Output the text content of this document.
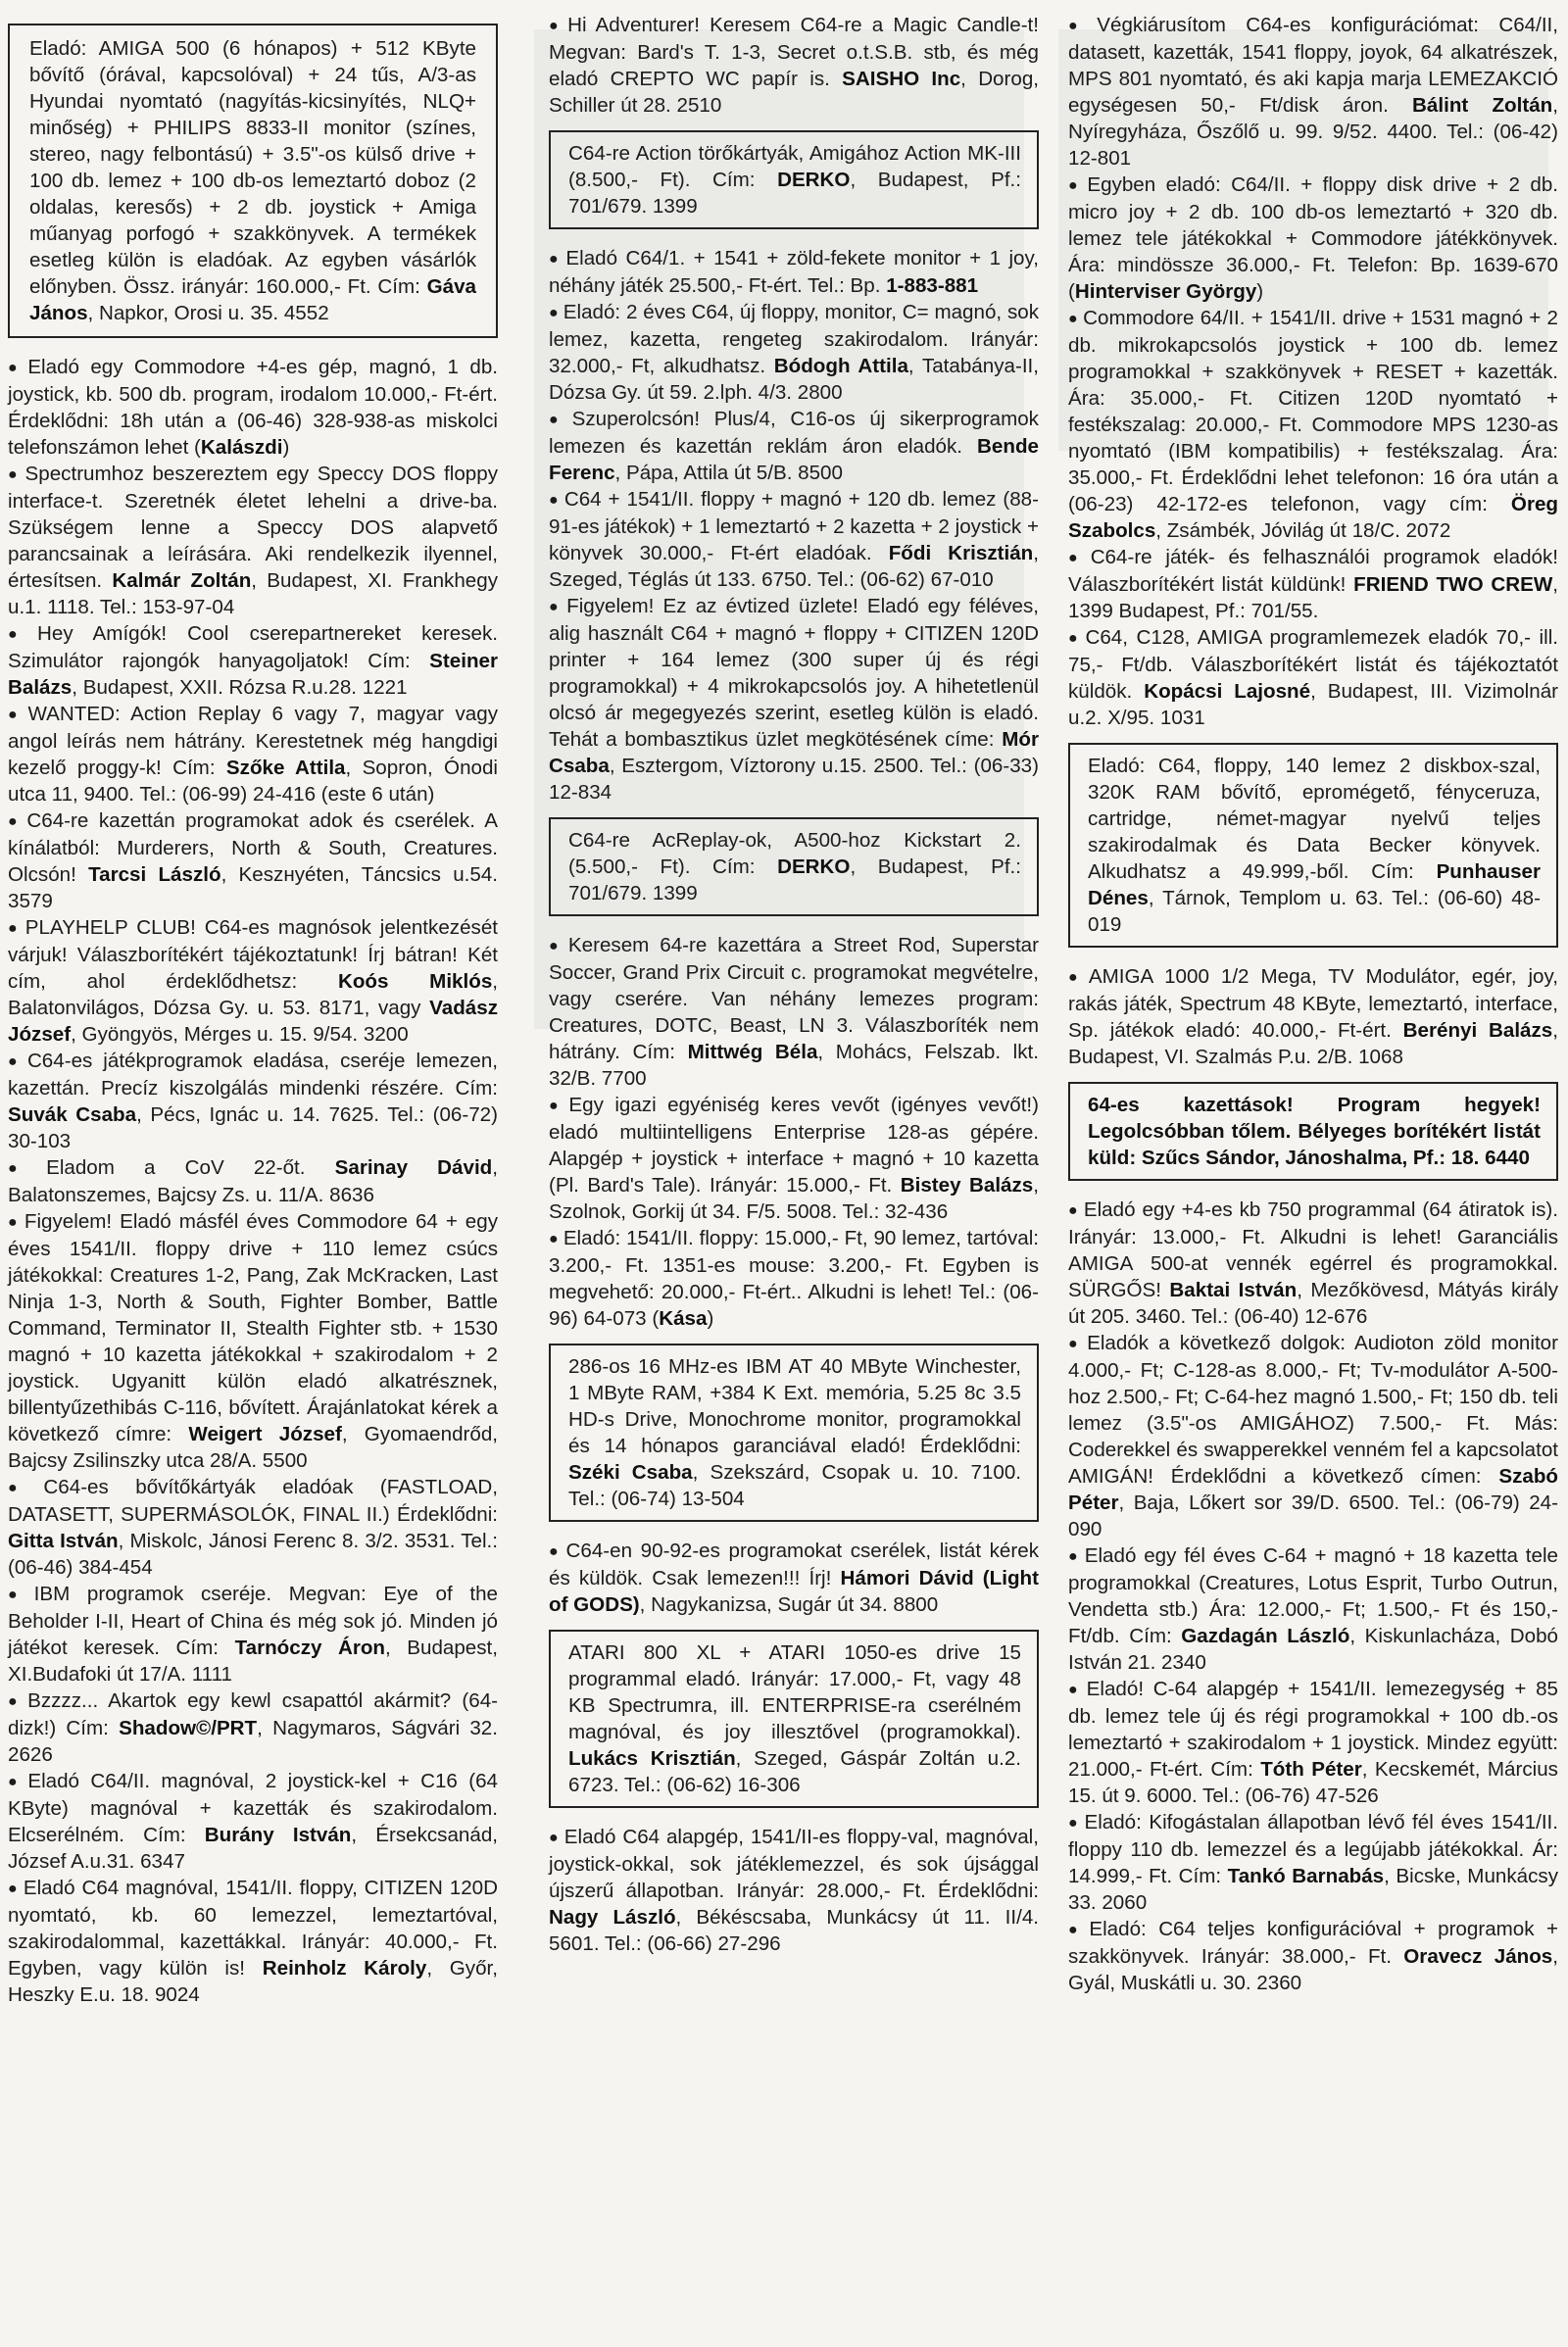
Eladó: AMIGA 500 (6 hónapos) + 512 KByte bővítő (órával, kapcsolóval) + 24 tűs, A/3-as Hyundai nyomtató (nagyítás-kicsinyítés, NLQ+ minőség) + PHILIPS 8833-II monitor (színes, stereo, nagy felbontású) + 3.5"-os külső drive + 100 db. lemez + 100 db-os lemeztartó doboz (2 oldalas, keresős) + 2 db. joystick + Amiga műanyag porfogó + szakkönyvek. A termékek esetleg külön is eladóak. Az egyben vásárlók előnyben. Össz. irányár: 160.000,- Ft. Cím: Gáva János, Napkor, Orosi u. 35. 4552

● Eladó egy Commodore +4-es gép, magnó, 1 db. joystick, kb. 500 db. program, irodalom 10.000,- Ft-ért. Érdeklődni: 18h után a (06-46) 328-938-as miskolci telefonszámon lehet (Kalászdi)

● Spectrumhoz beszereztem egy Speccy DOS floppy interface-t. Szeretnék életet lehelni a drive-ba. Szükségem lenne a Speccy DOS alapvető parancsainak a leírására. Aki rendelkezik ilyennel, értesítsen. Kalmár Zoltán, Budapest, XI. Frankhegy u.1. 1118. Tel.: 153-97-04

● Hey Amígók! Cool cserepartnereket keresek. Szimulátor rajongók hanyagoljatok! Cím: Steiner Balázs, Budapest, XXII. Rózsa R.u.28. 1221

● WANTED: Action Replay 6 vagy 7, magyar vagy angol leírás nem hátrány. Kerestetnek még hangdigi kezelő proggy-k! Cím: Szőke Attila, Sopron, Ónodi utca 11, 9400. Tel.: (06-99) 24-416 (este 6 után)

● C64-re kazettán programokat adok és cserélek. A kínálatból: Murderers, North & South, Creatures. Olcsón! Tarcsi László, Keszнyéten, Táncsics u.54. 3579

● PLAYHELP CLUB! C64-es magnósok jelentkezését várjuk! Válaszborítékért tájékoztatunk! Írj bátran! Két cím, ahol érdeklődhetsz: Koós Miklós, Balatonvilágos, Dózsa Gy. u. 53. 8171, vagy Vadász József, Gyöngyös, Mérges u. 15. 9/54. 3200

● C64-es játékprogramok eladása, cseréje lemezen, kazettán. Precíz kiszolgálás mindenki részére. Cím: Suvák Csaba, Pécs, Ignác u. 14. 7625. Tel.: (06-72) 30-103

● Eladom a CoV 22-őt. Sarinay Dávid, Balatonszemes, Bajcsy Zs. u. 11/A. 8636

● Figyelem! Eladó másfél éves Commodore 64 + egy éves 1541/II. floppy drive + 110 lemez csúcs játékokkal: Creatures 1-2, Pang, Zak McKracken, Last Ninja 1-3, North & South, Fighter Bomber, Battle Command, Terminator II, Stealth Fighter stb. + 1530 magnó + 10 kazetta játékokkal + szakirodalom + 2 joystick. Ugyanitt külön eladó alkatrésznek, billentyűzethibás C-116, bővített. Árajánlatokat kérek a következő címre: Weigert József, Gyomaendrőd, Bajcsy Zsilinszky utca 28/A. 5500

● C64-es bővítőkártyák eladóak (FASTLOAD, DATASETT, SUPERMÁSOLÓK, FINAL II.) Érdeklődni: Gitta István, Miskolc, Jánosi Ferenc 8. 3/2. 3531. Tel.: (06-46) 384-454

● IBM programok cseréje. Megvan: Eye of the Beholder I-II, Heart of China és még sok jó. Minden jó játékot keresek. Cím: Tarnóczy Áron, Budapest, XI.Budafoki út 17/A. 1111

● Bzzzz... Akartok egy kewl csapattól akármit? (64-dizk!) Cím: Shadow©/PRT, Nagymaros, Ságvári 32. 2626

● Eladó C64/II. magnóval, 2 joystick-kel + C16 (64 KByte) magnóval + kazetták és szakirodalom. Elcserélném. Cím: Burány István, Érsekcsanád, József A.u.31. 6347

● Eladó C64 magnóval, 1541/II. floppy, CITIZEN 120D nyomtató, kb. 60 lemezzel, lemeztartóval, szakirodalommal, kazettákkal. Irányár: 40.000,- Ft. Egyben, vagy külön is! Reinholz Károly, Győr, Heszky E.u. 18. 9024

● Hi Adventurer! Keresem C64-re a Magic Candle-t! Megvan: Bard's T. 1-3, Secret o.t.S.B. stb, és még eladó CREPTO WC papír is. SAISHO Inc, Dorog, Schiller út 28. 2510

C64-re Action törőkártyák, Amigához Action MK-III (8.500,- Ft). Cím: DERKO, Budapest, Pf.: 701/679. 1399

● Eladó C64/1. + 1541 + zöld-fekete monitor + 1 joy, néhány játék 25.500,- Ft-ért. Tel.: Bp. 1-883-881

● Eladó: 2 éves C64, új floppy, monitor, C= magnó, sok lemez, kazetta, rengeteg szakirodalom. Irányár: 32.000,- Ft, alkudhatsz. Bódogh Attila, Tatabánya-II, Dózsa Gy. út 59. 2.lph. 4/3. 2800

● Szuperolcsón! Plus/4, C16-os új sikerprogramok lemezen és kazettán reklám áron eladók. Bende Ferenc, Pápa, Attila út 5/B. 8500

● C64 + 1541/II. floppy + magnó + 120 db. lemez (88-91-es játékok) + 1 lemeztartó + 2 kazetta + 2 joystick + könyvek 30.000,- Ft-ért eladóak. Fődi Krisztián, Szeged, Téglás út 133. 6750. Tel.: (06-62) 67-010

● Figyelem! Ez az évtized üzlete! Eladó egy féléves, alig használt C64 + magnó + floppy + CITIZEN 120D printer + 164 lemez (300 super új és régi programokkal) + 4 mikrokapcsolós joy. A hihetetlenül olcsó ár megegyezés szerint, esetleg külön is eladó. Tehát a bombasztikus üzlet megkötésének címe: Mór Csaba, Esztergom, Víztorony u.15. 2500. Tel.: (06-33) 12-834

C64-re AcReplay-ok, A500-hoz Kickstart 2. (5.500,- Ft). Cím: DERKO, Budapest, Pf.: 701/679. 1399

● Keresem 64-re kazettára a Street Rod, Superstar Soccer, Grand Prix Circuit c. programokat megvételre, vagy cserére. Van néhány lemezes program: Creatures, DOTC, Beast, LN 3. Válaszboríték nem hátrány. Cím: Mittwég Béla, Mohács, Felszab. lkt. 32/B. 7700

● Egy igazi egyéniség keres vevőt (igényes vevőt!) eladó multiintelligens Enterprise 128-as gépére. Alapgép + joystick + interface + magnó + 10 kazetta (Pl. Bard's Tale). Irányár: 15.000,- Ft. Bistey Balázs, Szolnok, Gorkij út 34. F/5. 5008. Tel.: 32-436

● Eladó: 1541/II. floppy: 15.000,- Ft, 90 lemez, tartóval: 3.200,- Ft. 1351-es mouse: 3.200,- Ft. Egyben is megvehető: 20.000,- Ft-ért.. Alkudni is lehet! Tel.: (06-96) 64-073 (Kása)

286-os 16 MHz-es IBM AT 40 MByte Winchester, 1 MByte RAM, +384 K Ext. memória, 5.25 8c 3.5 HD-s Drive, Monochrome monitor, programokkal és 14 hónapos garanciával eladó! Érdeklődni: Széki Csaba, Szekszárd, Csopak u. 10. 7100. Tel.: (06-74) 13-504

● C64-en 90-92-es programokat cserélek, listát kérek és küldök. Csak lemezen!!! Írj! Hámori Dávid (Light of GODS), Nagykanizsa, Sugár út 34. 8800

ATARI 800 XL + ATARI 1050-es drive 15 programmal eladó. Irányár: 17.000,- Ft, vagy 48 KB Spectrumra, ill. ENTERPRISE-ra cserélném magnóval, és joy illesztővel (programokkal). Lukács Krisztián, Szeged, Gáspár Zoltán u.2. 6723. Tel.: (06-62) 16-306

● Eladó C64 alapgép, 1541/II-es floppy-val, magnóval, joystick-okkal, sok játéklemezzel, és sok újsággal újszerű állapotban. Irányár: 28.000,- Ft. Érdeklődni: Nagy László, Békéscsaba, Munkácsy út 11. II/4. 5601. Tel.: (06-66) 27-296

● Végkiárusítom C64-es konfigurációmat: C64/II, datasett, kazetták, 1541 floppy, joyok, 64 alkatrészek, MPS 801 nyomtató, és aki kapja marja LEMEZAKCIÓ egységesen 50,- Ft/disk áron. Bálint Zoltán, Nyíregyháza, Őszőlő u. 99. 9/52. 4400. Tel.: (06-42) 12-801

● Egyben eladó: C64/II. + floppy disk drive + 2 db. micro joy + 2 db. 100 db-os lemeztartó + 320 db. lemez tele játékokkal + Commodore játékkönyvek. Ára: mindössze 36.000,- Ft. Telefon: Bp. 1639-670 (Hinterviser György)

● Commodore 64/II. + 1541/II. drive + 1531 magnó + 2 db. mikrokapcsolós joystick + 100 db. lemez programokkal + szakkönyvek + RESET + kazetták. Ára: 35.000,- Ft. Citizen 120D nyomtató + festékszalag: 20.000,- Ft. Commodore MPS 1230-as nyomtató (IBM kompatibilis) + festékszalag. Ára: 35.000,- Ft. Érdeklődni lehet telefonon: 16 óra után a (06-23) 42-172-es telefonon, vagy cím: Öreg Szabolcs, Zsámbék, Jóvilág út 18/C. 2072

● C64-re játék- és felhasználói programok eladók! Válaszborítékért listát küldünk! FRIEND TWO CREW, 1399 Budapest, Pf.: 701/55.

● C64, C128, AMIGA programlemezek eladók 70,- ill. 75,- Ft/db. Válaszborítékért listát és tájékoztatót küldök. Kopácsi Lajosné, Budapest, III. Vizimolnár u.2. X/95. 1031

Eladó: C64, floppy, 140 lemez 2 diskbox-szal, 320K RAM bővítő, epromégető, fényceruza, cartridge, német-magyar nyelvű teljes szakirodalmak és Data Becker könyvek. Alkudhatsz a 49.999,-ből. Cím: Punhauser Dénes, Tárnok, Templom u. 63. Tel.: (06-60) 48-019

● AMIGA 1000 1/2 Mega, TV Modulátor, egér, joy, rakás játék, Spectrum 48 KByte, lemeztartó, interface, Sp. játékok eladó: 40.000,- Ft-ért. Berényi Balázs, Budapest, VI. Szalmás P.u. 2/B. 1068

64-es kazettások! Program hegyek! Legolcsóbban tőlem. Bélyeges borítékért listát küld: Szűcs Sándor, Jánoshalma, Pf.: 18. 6440

● Eladó egy +4-es kb 750 programmal (64 átiratok is). Irányár: 13.000,- Ft. Alkudni is lehet! Garanciális AMIGA 500-at vennék egérrel és programokkal. SÜRGŐS! Baktai István, Mezőkövesd, Mátyás király út 205. 3460. Tel.: (06-40) 12-676

● Eladók a következő dolgok: Audioton zöld monitor 4.000,- Ft; C-128-as 8.000,- Ft; Tv-modulátor A-500-hoz 2.500,- Ft; C-64-hez magnó 1.500,- Ft; 150 db. teli lemez (3.5"-os AMIGÁHOZ) 7.500,- Ft. Más: Coderekkel és swapperekkel venném fel a kapcsolatot AMIGÁN! Érdeklődni a következő címen: Szabó Péter, Baja, Lőkert sor 39/D. 6500. Tel.: (06-79) 24-090

● Eladó egy fél éves C-64 + magnó + 18 kazetta tele programokkal (Creatures, Lotus Esprit, Turbo Outrun, Vendetta stb.) Ára: 12.000,- Ft; 1.500,- Ft és 150,- Ft/db. Cím: Gazdagán László, Kiskunlacháza, Dobó István 21. 2340

● Eladó! C-64 alapgép + 1541/II. lemezegység + 85 db. lemez tele új és régi programokkal + 100 db.-os lemeztartó + szakirodalom + 1 joystick. Mindez együtt: 21.000,- Ft-ért. Cím: Tóth Péter, Kecskemét, Március 15. út 9. 6000. Tel.: (06-76) 47-526

● Eladó: Kifogástalan állapotban lévő fél éves 1541/II. floppy 110 db. lemezzel és a legújabb játékokkal. Ár: 14.999,- Ft. Cím: Tankó Barnabás, Bicske, Munkácsy 33. 2060

● Eladó: C64 teljes konfigurációval + programok + szakkönyvek. Irányár: 38.000,- Ft. Oravecz János, Gyál, Muskátli u. 30. 2360
